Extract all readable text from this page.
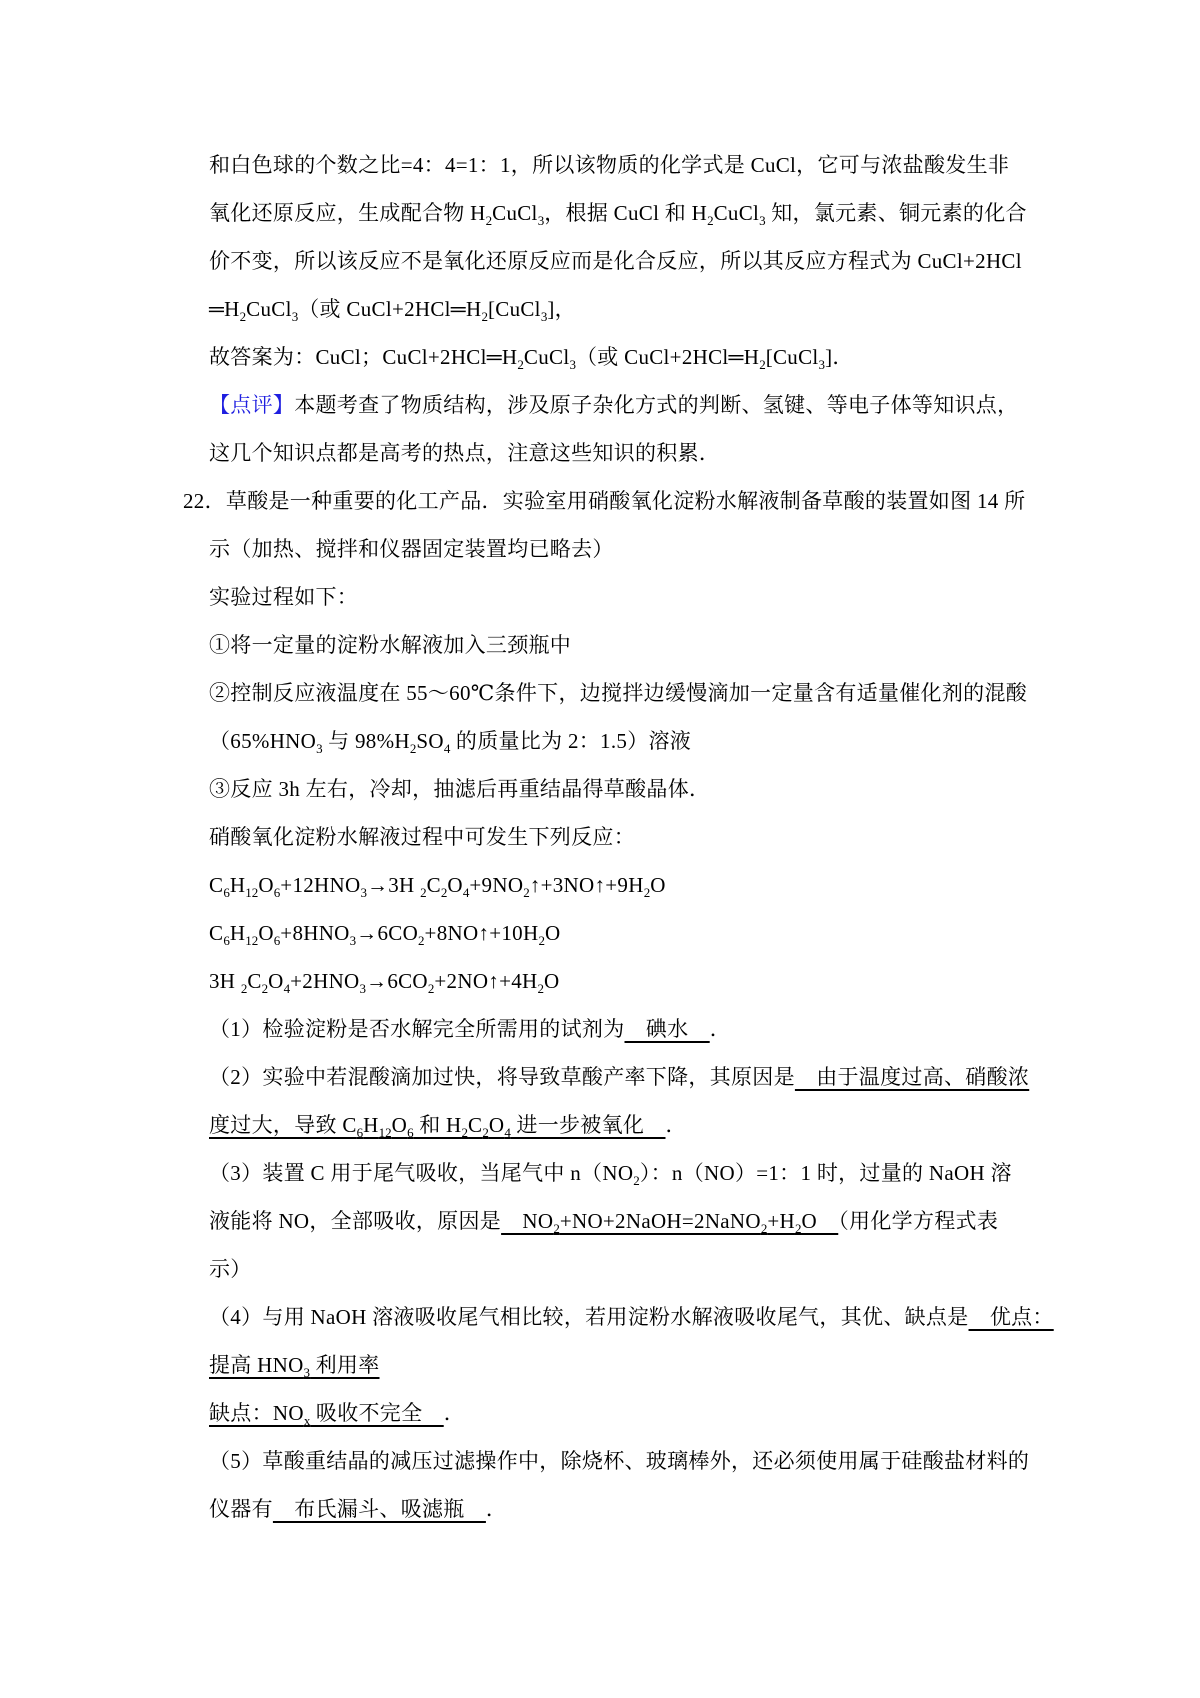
和白色球的个数之比=4：4=1：1，所以该物质的化学式是 CuCl，它可与浓盐酸发生非
氧化还原反应，生成配合物 $H_2CuCl_3$，根据 CuCl 和 $H_2CuCl_3$ 知，氯元素、铜元素的化合
价不变，所以该反应不是氧化还原反应而是化合反应，所以其反应方程式为 CuCl+2HCl
$═H_2CuCl_3$（或 $CuCl+2HCl═H_2[CuCl_3]$，
故答案为：CuCl；$CuCl+2HCl═H_2CuCl_3$（或 $CuCl+2HCl═H_2[CuCl_3]$．
【点评】本题考查了物质结构，涉及原子杂化方式的判断、氢键、等电子体等知识点，
这几个知识点都是高考的热点，注意这些知识的积累．
22．草酸是一种重要的化工产品．实验室用硝酸氧化淀粉水解液制备草酸的装置如图 14 所
示（加热、搅拌和仪器固定装置均已略去）
实验过程如下：
①将一定量的淀粉水解液加入三颈瓶中
②控制反应液温度在 55～60℃条件下，边搅拌边缓慢滴加一定量含有适量催化剂的混酸
（$65\%HNO_3$ 与 $98\%H_2SO_4$ 的质量比为 2：1.5）溶液
③反应 3h 左右，冷却，抽滤后再重结晶得草酸晶体．
硝酸氧化淀粉水解液过程中可发生下列反应：
$C_6H_{12}O_6+12HNO_3\to 3H$ $_2C_2O_4+9NO_2↑+3NO↑+9H_2O$
$C_6H_{12}O_6+8HNO_3\to 6CO_2+8NO↑+10H_2O$
3H $_2C_2O_4+2HNO_3\to 6CO_2+2NO↑+4H_2O$
（1）检验淀粉是否水解完全所需用的试剂为　碘水　．
（2）实验中若混酸滴加过快，将导致草酸产率下降，其原因是　由于温度过高、硝酸浓
度过大，导致 $C_6H_{12}O_6$ 和 $H_2C_2O_4$ 进一步被氧化　．
（3）装置 C 用于尾气吸收，当尾气中 $n(NO_2)$：n（NO）=1：1 时，过量的 NaOH 溶
液能将 NO，全部吸收，原因是　$NO_2+NO+2NaOH=2NaNO_2+H_2O$　（用化学方程式表
示）
（4）与用 NaOH 溶液吸收尾气相比较，若用淀粉水解液吸收尾气，其优、缺点是　优点：
提高 $HNO_3$ 利用率
缺点：$NO_x$ 吸收不完全　．
（5）草酸重结晶的减压过滤操作中，除烧杯、玻璃棒外，还必须使用属于硅酸盐材料的
仪器有　布氏漏斗、吸滤瓶　．
